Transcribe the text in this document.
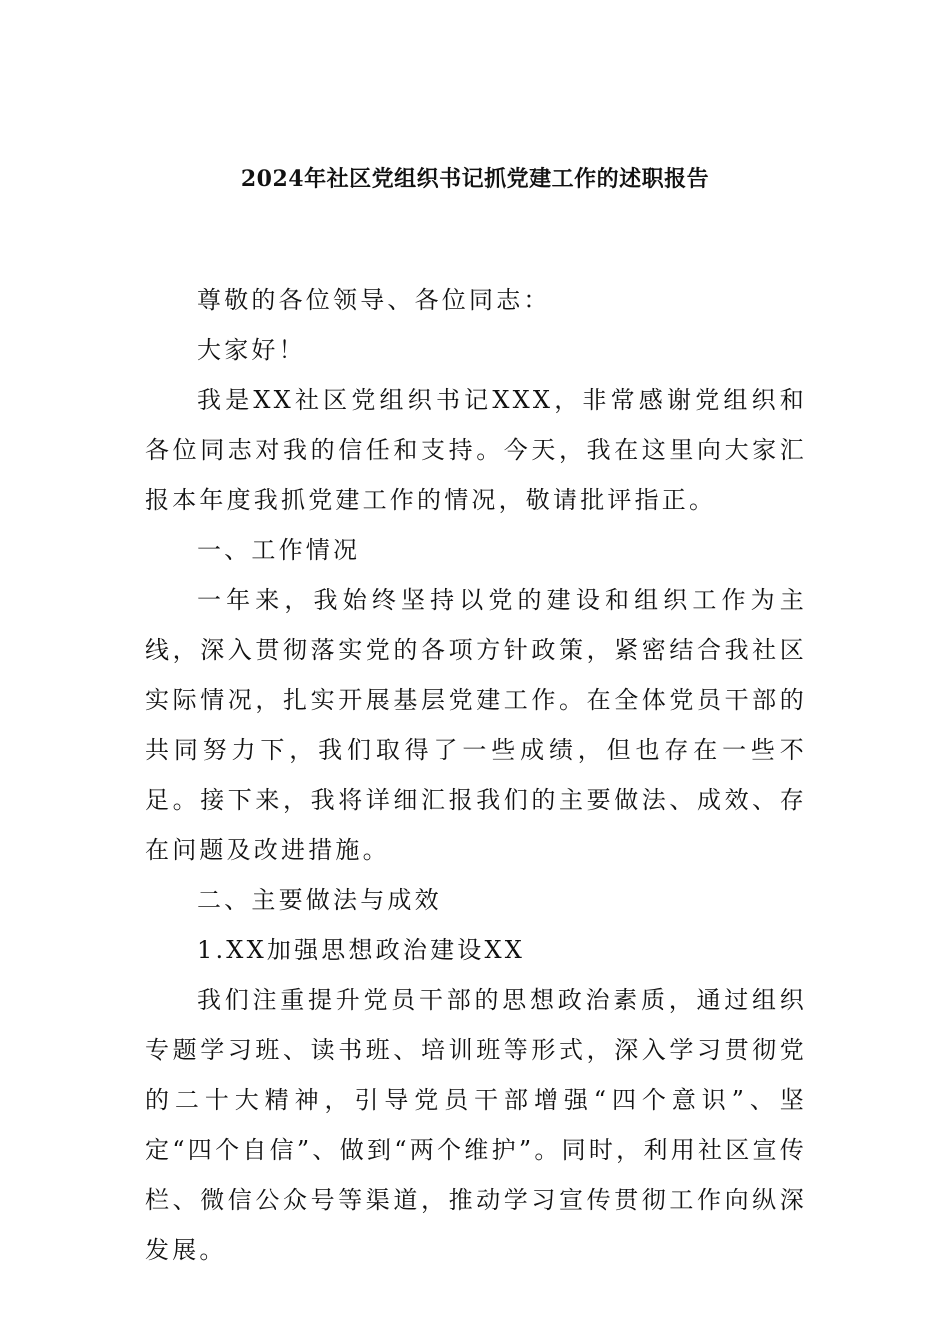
2024年社区党组织书记抓党建工作的述职报告

尊敬的各位领导、各位同志：

大家好！

我是XX社区党组织书记XXX，非常感谢党组织和各位同志对我的信任和支持。今天，我在这里向大家汇报本年度我抓党建工作的情况，敬请批评指正。

一、工作情况

一年来，我始终坚持以党的建设和组织工作为主线，深入贯彻落实党的各项方针政策，紧密结合我社区实际情况，扎实开展基层党建工作。在全体党员干部的共同努力下，我们取得了一些成绩，但也存在一些不足。接下来，我将详细汇报我们的主要做法、成效、存在问题及改进措施。

二、主要做法与成效

1.XX加强思想政治建设XX

我们注重提升党员干部的思想政治素质，通过组织专题学习班、读书班、培训班等形式，深入学习贯彻党的二十大精神，引导党员干部增强“四个意识”、坚定“四个自信”、做到“两个维护”。同时，利用社区宣传栏、微信公众号等渠道，推动学习宣传贯彻工作向纵深发展。
